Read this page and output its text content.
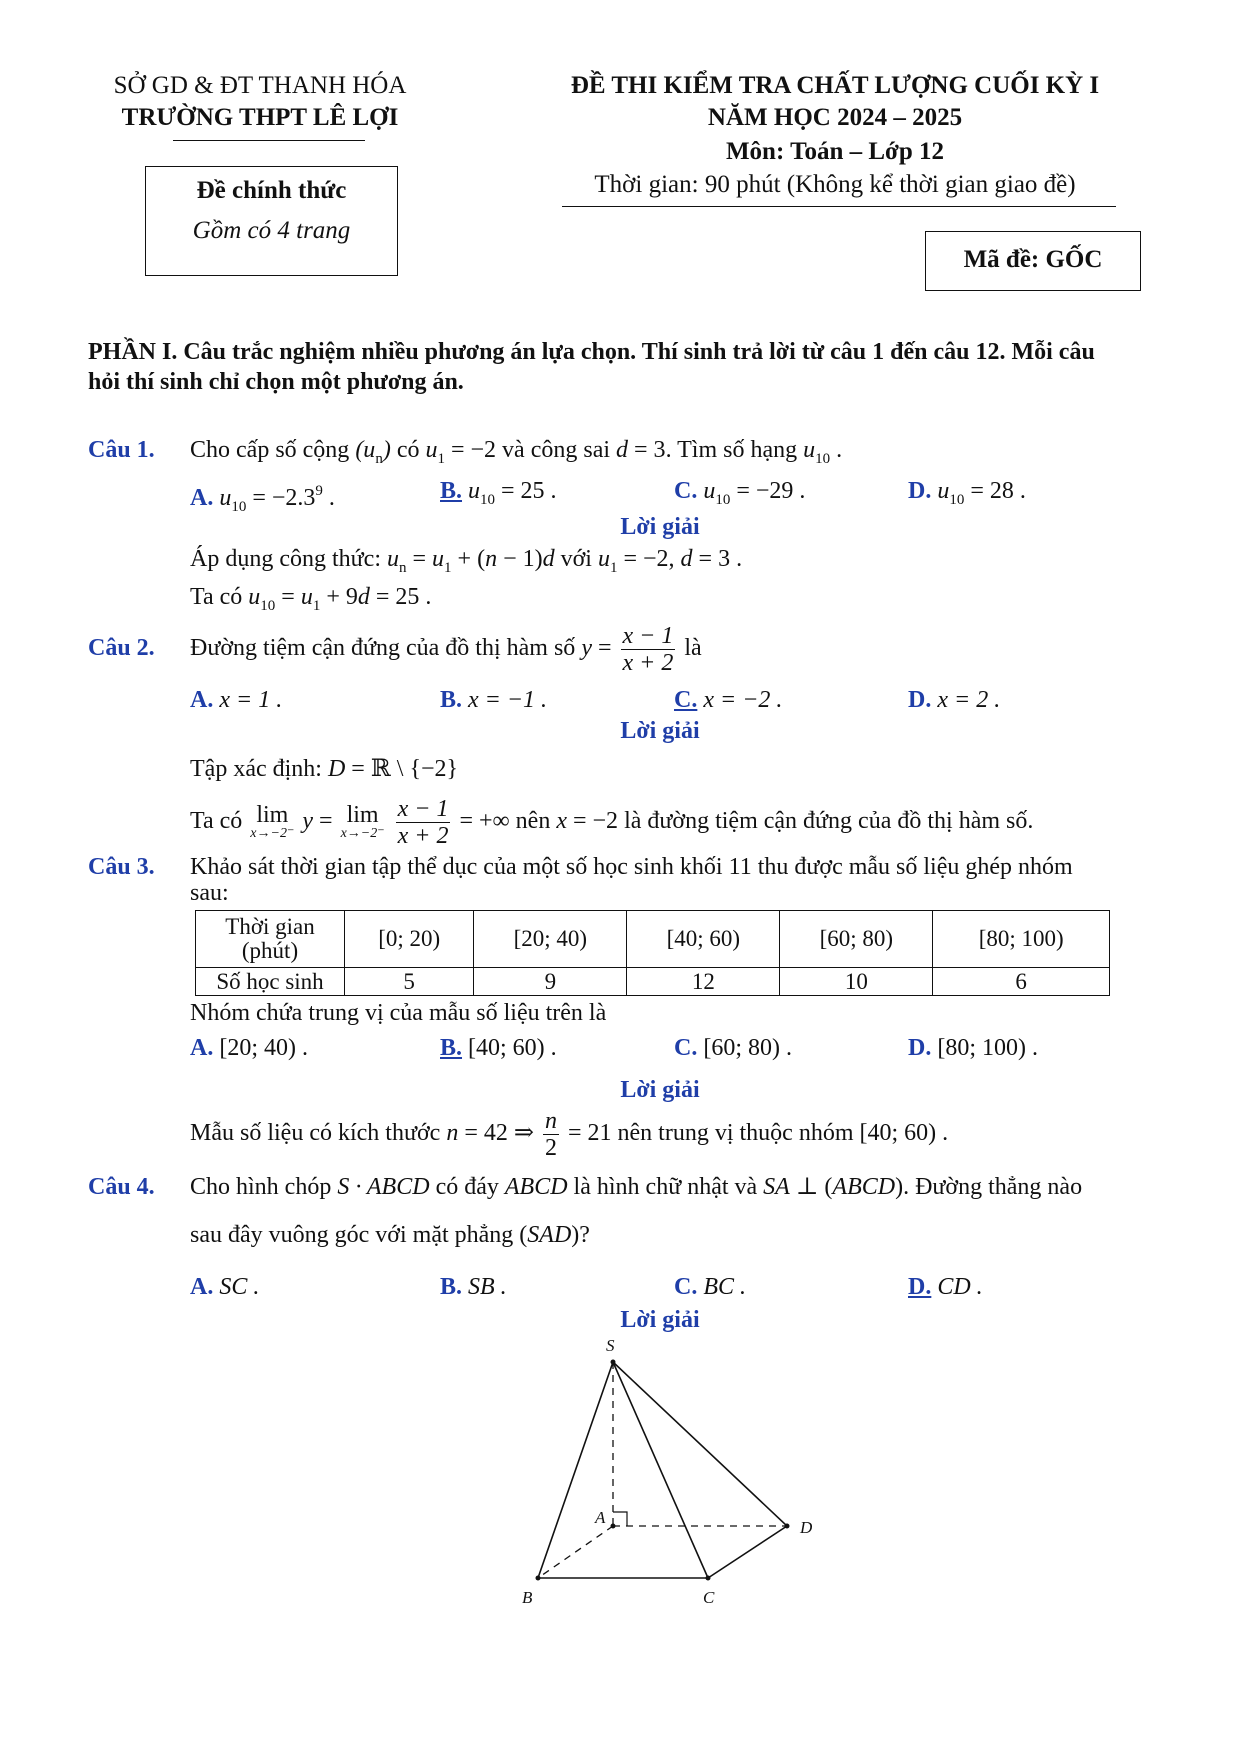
SỞ GD & ĐT THANH HÓA
TRƯỜNG THPT LÊ LỢI
Đề chính thức
Gồm có 4 trang
ĐỀ THI KIỂM TRA CHẤT LƯỢNG CUỐI KỲ I
NĂM HỌC 2024 – 2025
Môn: Toán – Lớp 12
Thời gian: 90 phút (Không kể thời gian giao đề)
Mã đề: GỐC
PHẦN I. Câu trắc nghiệm nhiều phương án lựa chọn. Thí sinh trả lời từ câu 1 đến câu 12. Mỗi câu
hỏi thí sinh chỉ chọn một phương án.
Câu 1. Cho cấp số cộng $(u_n)$ có $u_1 = -2$ và công sai d = 3. Tìm số hạng $u_{10}$ .
A. $u_{10} = -2.3^9$ .	B. $u_{10} = 25$ .	C. $u_{10} = -29$ .	D. $u_{10} = 28$ .
Lời giải
Áp dụng công thức: $u_n = u_1 + (n - 1)d$ với $u_1 = -2$, d = 3 .
Ta có $u_{10} = u_1 + 9d = 25$ .
Câu 2. Đường tiệm cận đứng của đồ thị hàm số $y = \frac{x - 1}{x + 2}$ là
A. x = 1 .	B. x = −1 .	C. x = −2 .	D. x = 2 .
Lời giải
Tập xác định: D = ℝ \ {−2}
Ta có lim
x→−2⁻ y = lim
x→−2⁻
$\frac{x - 1}{x + 2}$ = +∞ nên x = −2 là đường tiệm cận đứng của đồ thị hàm số.
Câu 3. Khảo sát thời gian tập thể dục của một số học sinh khối 11 thu được mẫu số liệu ghép nhóm
sau:
Thời gian
(phút)	[0; 20)	[20; 40)	[40; 60)	[60; 80)	[80; 100)
Số học sinh	5	9	12	10	6
Nhóm chứa trung vị của mẫu số liệu trên là
A. [20; 40) .	B. [40; 60) .	C. [60; 80) .	D. [80; 100) .
Lời giải
Mẫu số liệu có kích thước n = 42 ⇒ $\frac{n}{2} = 21$ nên trung vị thuộc nhóm [40; 60) .
Câu 4. Cho hình chóp S · ABCD có đáy ABCD là hình chữ nhật và SA ⊥ (ABCD). Đường thẳng nào
sau đây vuông góc với mặt phẳng (SAD)?
A. SC .	B. SB .	C. BC .	D. CD .
Lời giải
S
A
B	C
D
